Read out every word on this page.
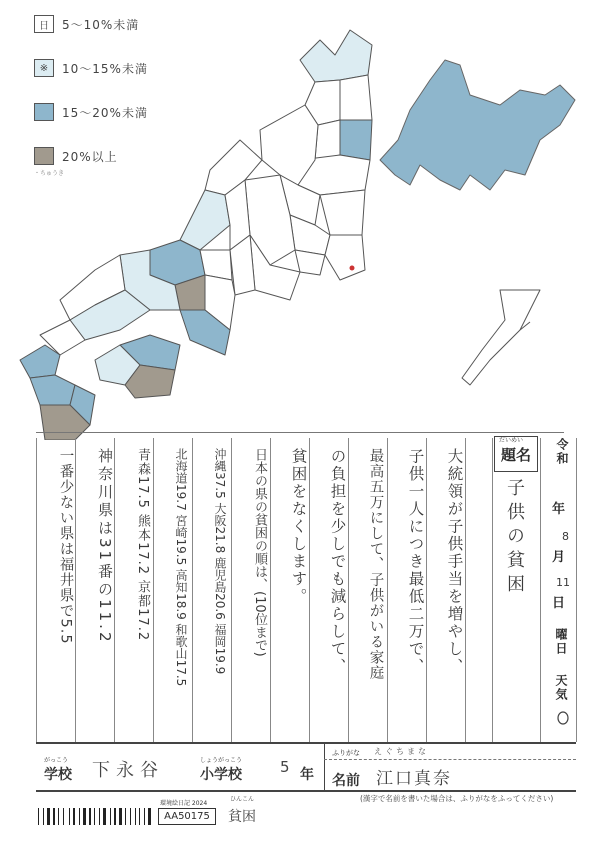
日	5〜10%未満
※	10〜15%未満
15〜20%未満
20%以上
・ちゅうき
だいめい
題名
子供の貧困
大統領が子供手当を増やし、
子供一人につき最低二万で、
最高五万にして、子供がいる家庭
の負担を少しでも減らして、
貧困をなくします。
日本の県の貧困の順は、(10位まで)
沖縄37.5 大阪21.8 鹿児島20.6 福岡19.9
北海道19.7 宮崎19.5 高知18.9 和歌山17.5
青森17.5 熊本17.2 京都17.2
神奈川県は31番の11.2
一番少ない県は福井県で5.5	令和
年
8
月
11
日
曜日
天気
がっこう
学校 下永谷	しょうがっこう
小学校	5 年
ふりがな えぐちまな
名前 江口真奈
(漢字で名前を書いた場合は、ふりがなをふってください)
環境絵日記 2024
AA50175
ひんこん
貧困
